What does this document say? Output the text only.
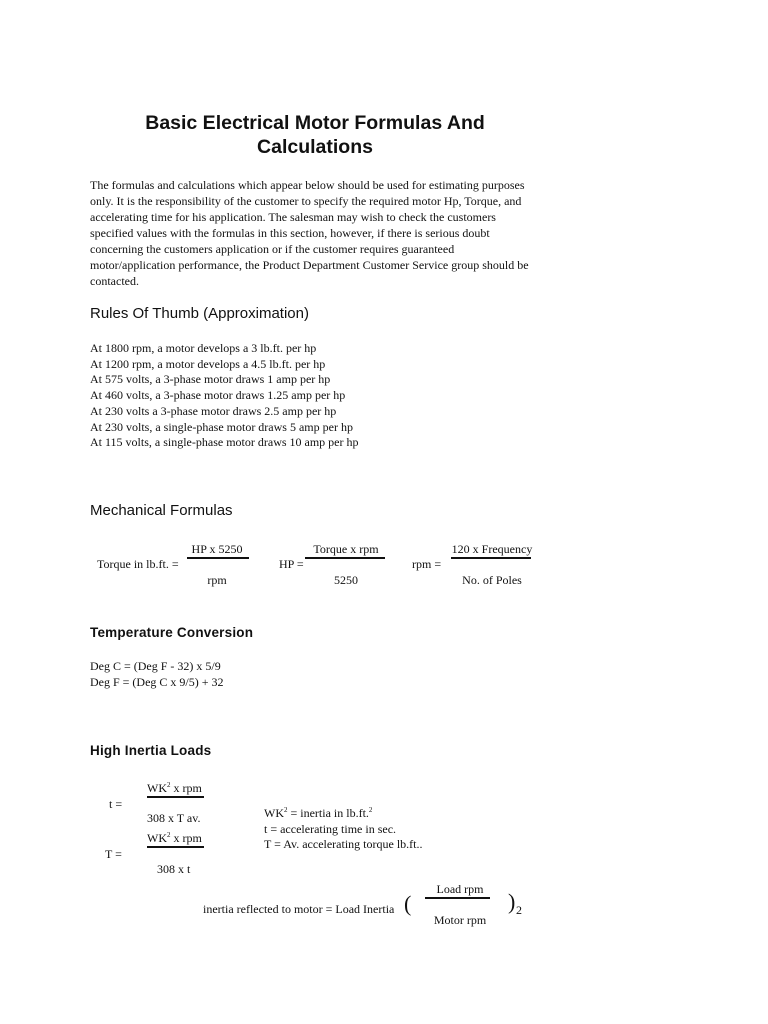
Basic Electrical Motor Formulas And Calculations
The formulas and calculations which appear below should be used for estimating purposes only. It is the responsibility of the customer to specify the required motor Hp, Torque, and accelerating time for his application. The salesman may wish to check the customers specified values with the formulas in this section, however, if there is serious doubt concerning the customers application or if the customer requires guaranteed motor/application performance, the Product Department Customer Service group should be contacted.
Rules Of Thumb (Approximation)
At 1800 rpm, a motor develops a 3 lb.ft. per hp
At 1200 rpm, a motor develops a 4.5 lb.ft. per hp
At 575 volts, a 3-phase motor draws 1 amp per hp
At 460 volts, a 3-phase motor draws 1.25 amp per hp
At 230 volts a 3-phase motor draws 2.5 amp per hp
At 230 volts, a single-phase motor draws 5 amp per hp
At 115 volts, a single-phase motor draws 10 amp per hp
Mechanical Formulas
Torque in lb.ft. =
HP x 5250
rpm
HP =
Torque x rpm
5250
rpm =
120 x Frequency
No. of Poles
Temperature Conversion
Deg C = (Deg F - 32) x 5/9
Deg F = (Deg C x 9/5) + 32
High Inertia Loads
t =
$WK^2$ x rpm
308 x T av.	$WK^2$ = inertia in lb.ft.$^2$
t = accelerating time in sec.
T = Av. accelerating torque lb.ft..
T =
$WK^2$ x rpm
308 x t
inertia reflected to motor = Load Inertia (
Load rpm
Motor rpm
) 2
